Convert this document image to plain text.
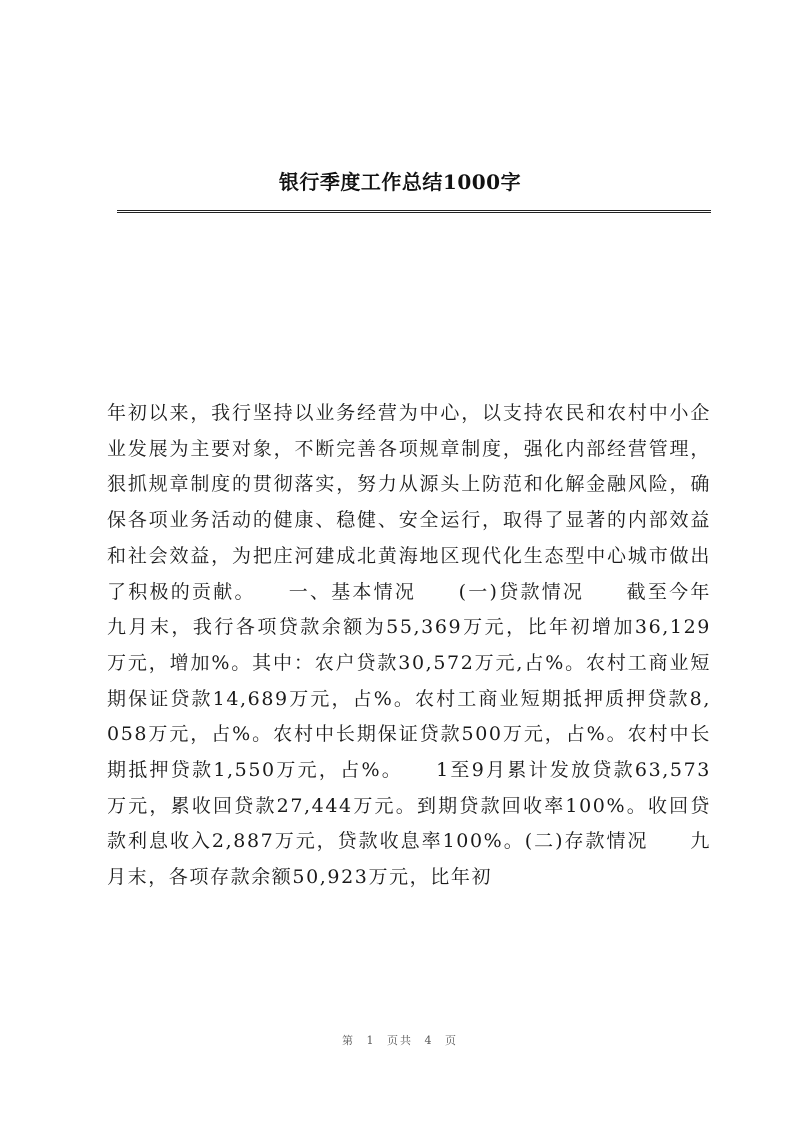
银行季度工作总结1000字

年初以来，我行坚持以业务经营为中心，以支持农民和农村中小企业发展为主要对象，不断完善各项规章制度，强化内部经营管理，狠抓规章制度的贯彻落实，努力从源头上防范和化解金融风险，确保各项业务活动的健康、稳健、安全运行，取得了显著的内部效益和社会效益，为把庄河建成北黄海地区现代化生态型中心城市做出了积极的贡献。　　一、基本情况　　(一)贷款情况　　截至今年九月末，我行各项贷款余额为55,369万元，比年初增加36,129万元，增加%。其中：农户贷款30,572万元,占%。农村工商业短期保证贷款14,689万元，占%。农村工商业短期抵押质押贷款8,058万元，占%。农村中长期保证贷款500万元，占%。农村中长期抵押贷款1,550万元，占%。　　1至9月累计发放贷款63,573万元，累收回贷款27,444万元。到期贷款回收率100%。收回贷款利息收入2,887万元，贷款收息率100%。(二)存款情况　　九月末，各项存款余额50,923万元，比年初

第 1 页共 4 页
